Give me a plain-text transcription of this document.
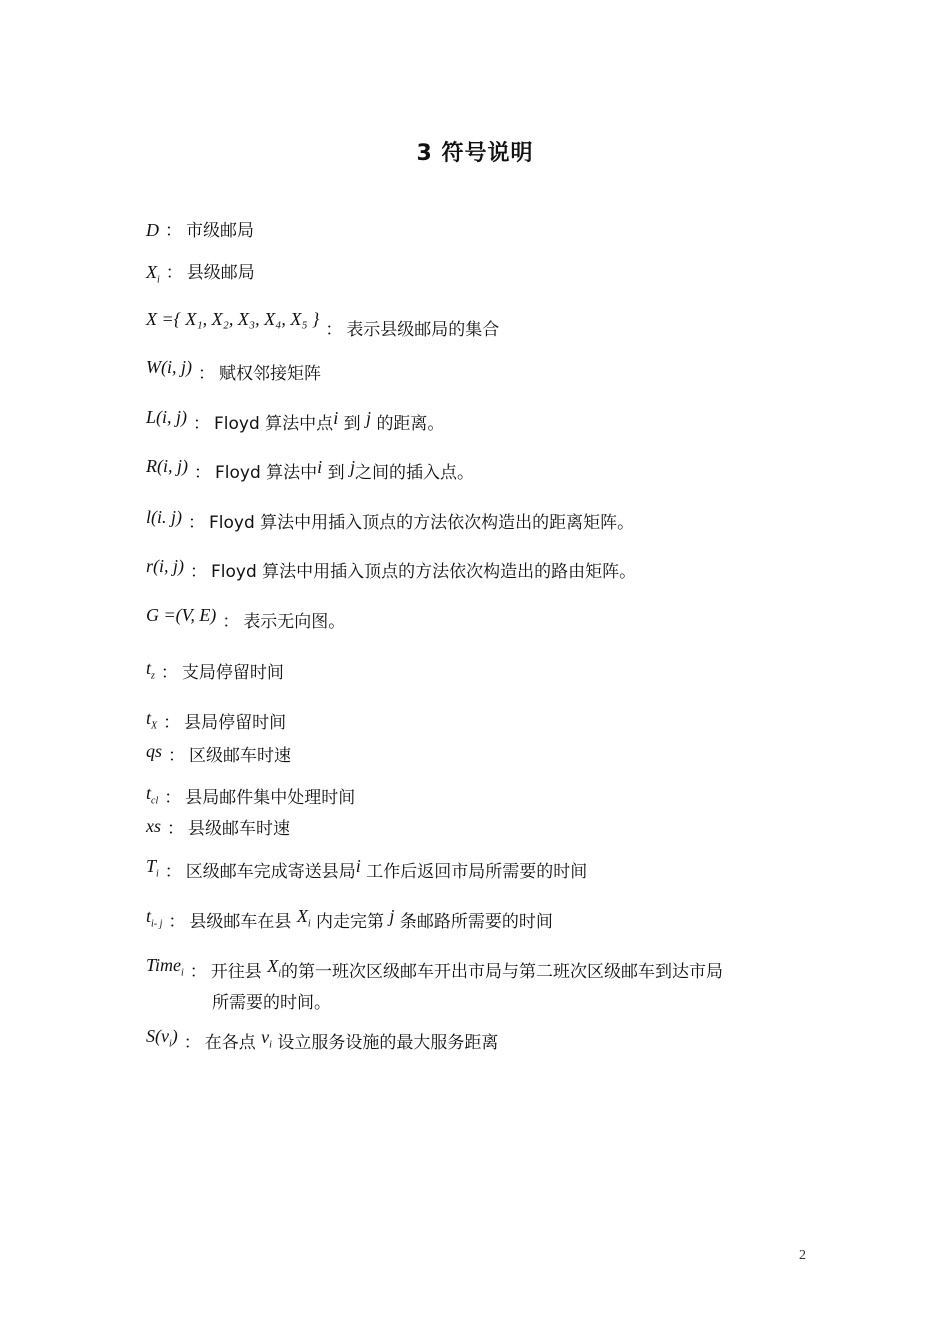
3 符号说明
D ： 市级邮局
$X_i$ ： 县级邮局
X ={ X₁, X₂, X₃, X₄, X₅ }： 表示县级邮局的集合
W(i, j) ： 赋权邻接矩阵
L(i, j) ： Floyd 算法中点i 到 j 的距离。
R(i, j) ： Floyd 算法中i 到 j之间的插入点。
l(i. j) ： Floyd 算法中用插入顶点的方法依次构造出的距离矩阵。
r(i, j) ： Floyd 算法中用插入顶点的方法依次构造出的路由矩阵。
G =(V, E) ： 表示无向图。
$t_z$ ： 支局停留时间
$t_X$ ： 县局停留时间
qs ： 区级邮车时速
$t_{cl}$ ： 县局邮件集中处理时间
xs ： 县级邮车时速
$T_i$ ： 区级邮车完成寄送县局i 工作后返回市局所需要的时间
$t_{i- j}$ ： 县级邮车在县 $X_i$ 内走完第 j 条邮路所需要的时间
Time$_i$ ： 开往县 $X_i$的第一班次区级邮车开出市局与第二班次区级邮车到达市局
所需要的时间。
$S(v_i)$ ： 在各点 $v_i$ 设立服务设施的最大服务距离
2
